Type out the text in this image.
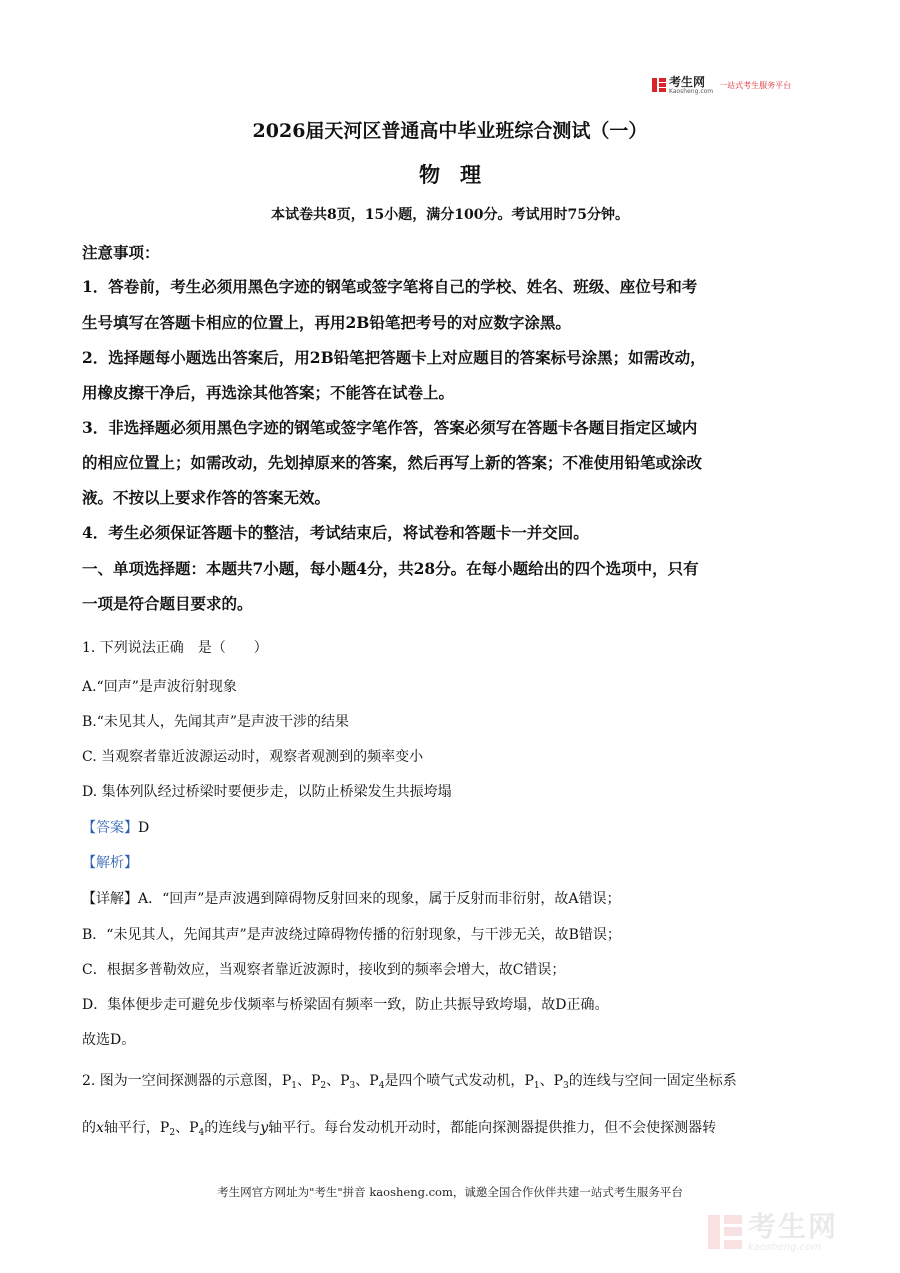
考生网
Kaosheng.com
一站式考生服务平台
2026届天河区普通高中毕业班综合测试（一）
物理
本试卷共8页，15小题，满分100分。考试用时75分钟。
注意事项：
1．答卷前，考生必须用黑色字迹的钢笔或签字笔将自己的学校、姓名、班级、座位号和考
生号填写在答题卡相应的位置上，再用2B铅笔把考号的对应数字涂黑。
2．选择题每小题选出答案后，用2B铅笔把答题卡上对应题目的答案标号涂黑；如需改动，
用橡皮擦干净后，再选涂其他答案；不能答在试卷上。
3．非选择题必须用黑色字迹的钢笔或签字笔作答，答案必须写在答题卡各题目指定区域内
的相应位置上；如需改动，先划掉原来的答案，然后再写上新的答案；不准使用铅笔或涂改
液。不按以上要求作答的答案无效。
4．考生必须保证答题卡的整洁，考试结束后，将试卷和答题卡一并交回。
一、单项选择题：本题共7小题，每小题4分，共28分。在每小题给出的四个选项中，只有
一项是符合题目要求的。
1. 下列说法正确　是（　　）
A.“回声”是声波衍射现象
B.“未见其人，先闻其声”是声波干涉的结果
C. 当观察者靠近波源运动时，观察者观测到的频率变小
D. 集体列队经过桥梁时要便步走，以防止桥梁发生共振垮塌
【答案】D
【解析】
【详解】A．“回声”是声波遇到障碍物反射回来的现象，属于反射而非衍射，故A错误；
B．“未见其人，先闻其声”是声波绕过障碍物传播的衍射现象，与干涉无关，故B错误；
C．根据多普勒效应，当观察者靠近波源时，接收到的频率会增大，故C错误；
D．集体便步走可避免步伐频率与桥梁固有频率一致，防止共振导致垮塌，故D正确。
故选D。
2. 图为一空间探测器的示意图，$P_1$、$P_2$、$P_3$、$P_4$是四个喷气式发动机，$P_1$、$P_3$的连线与空间一固定坐标系
的x轴平行，$P_2$、$P_4$的连线与y轴平行。每台发动机开动时，都能向探测器提供推力，但不会使探测器转
考生网官方网址为"考生"拼音 kaosheng.com，诚邀全国合作伙伴共建一站式考生服务平台
考生网
kaosheng.com
